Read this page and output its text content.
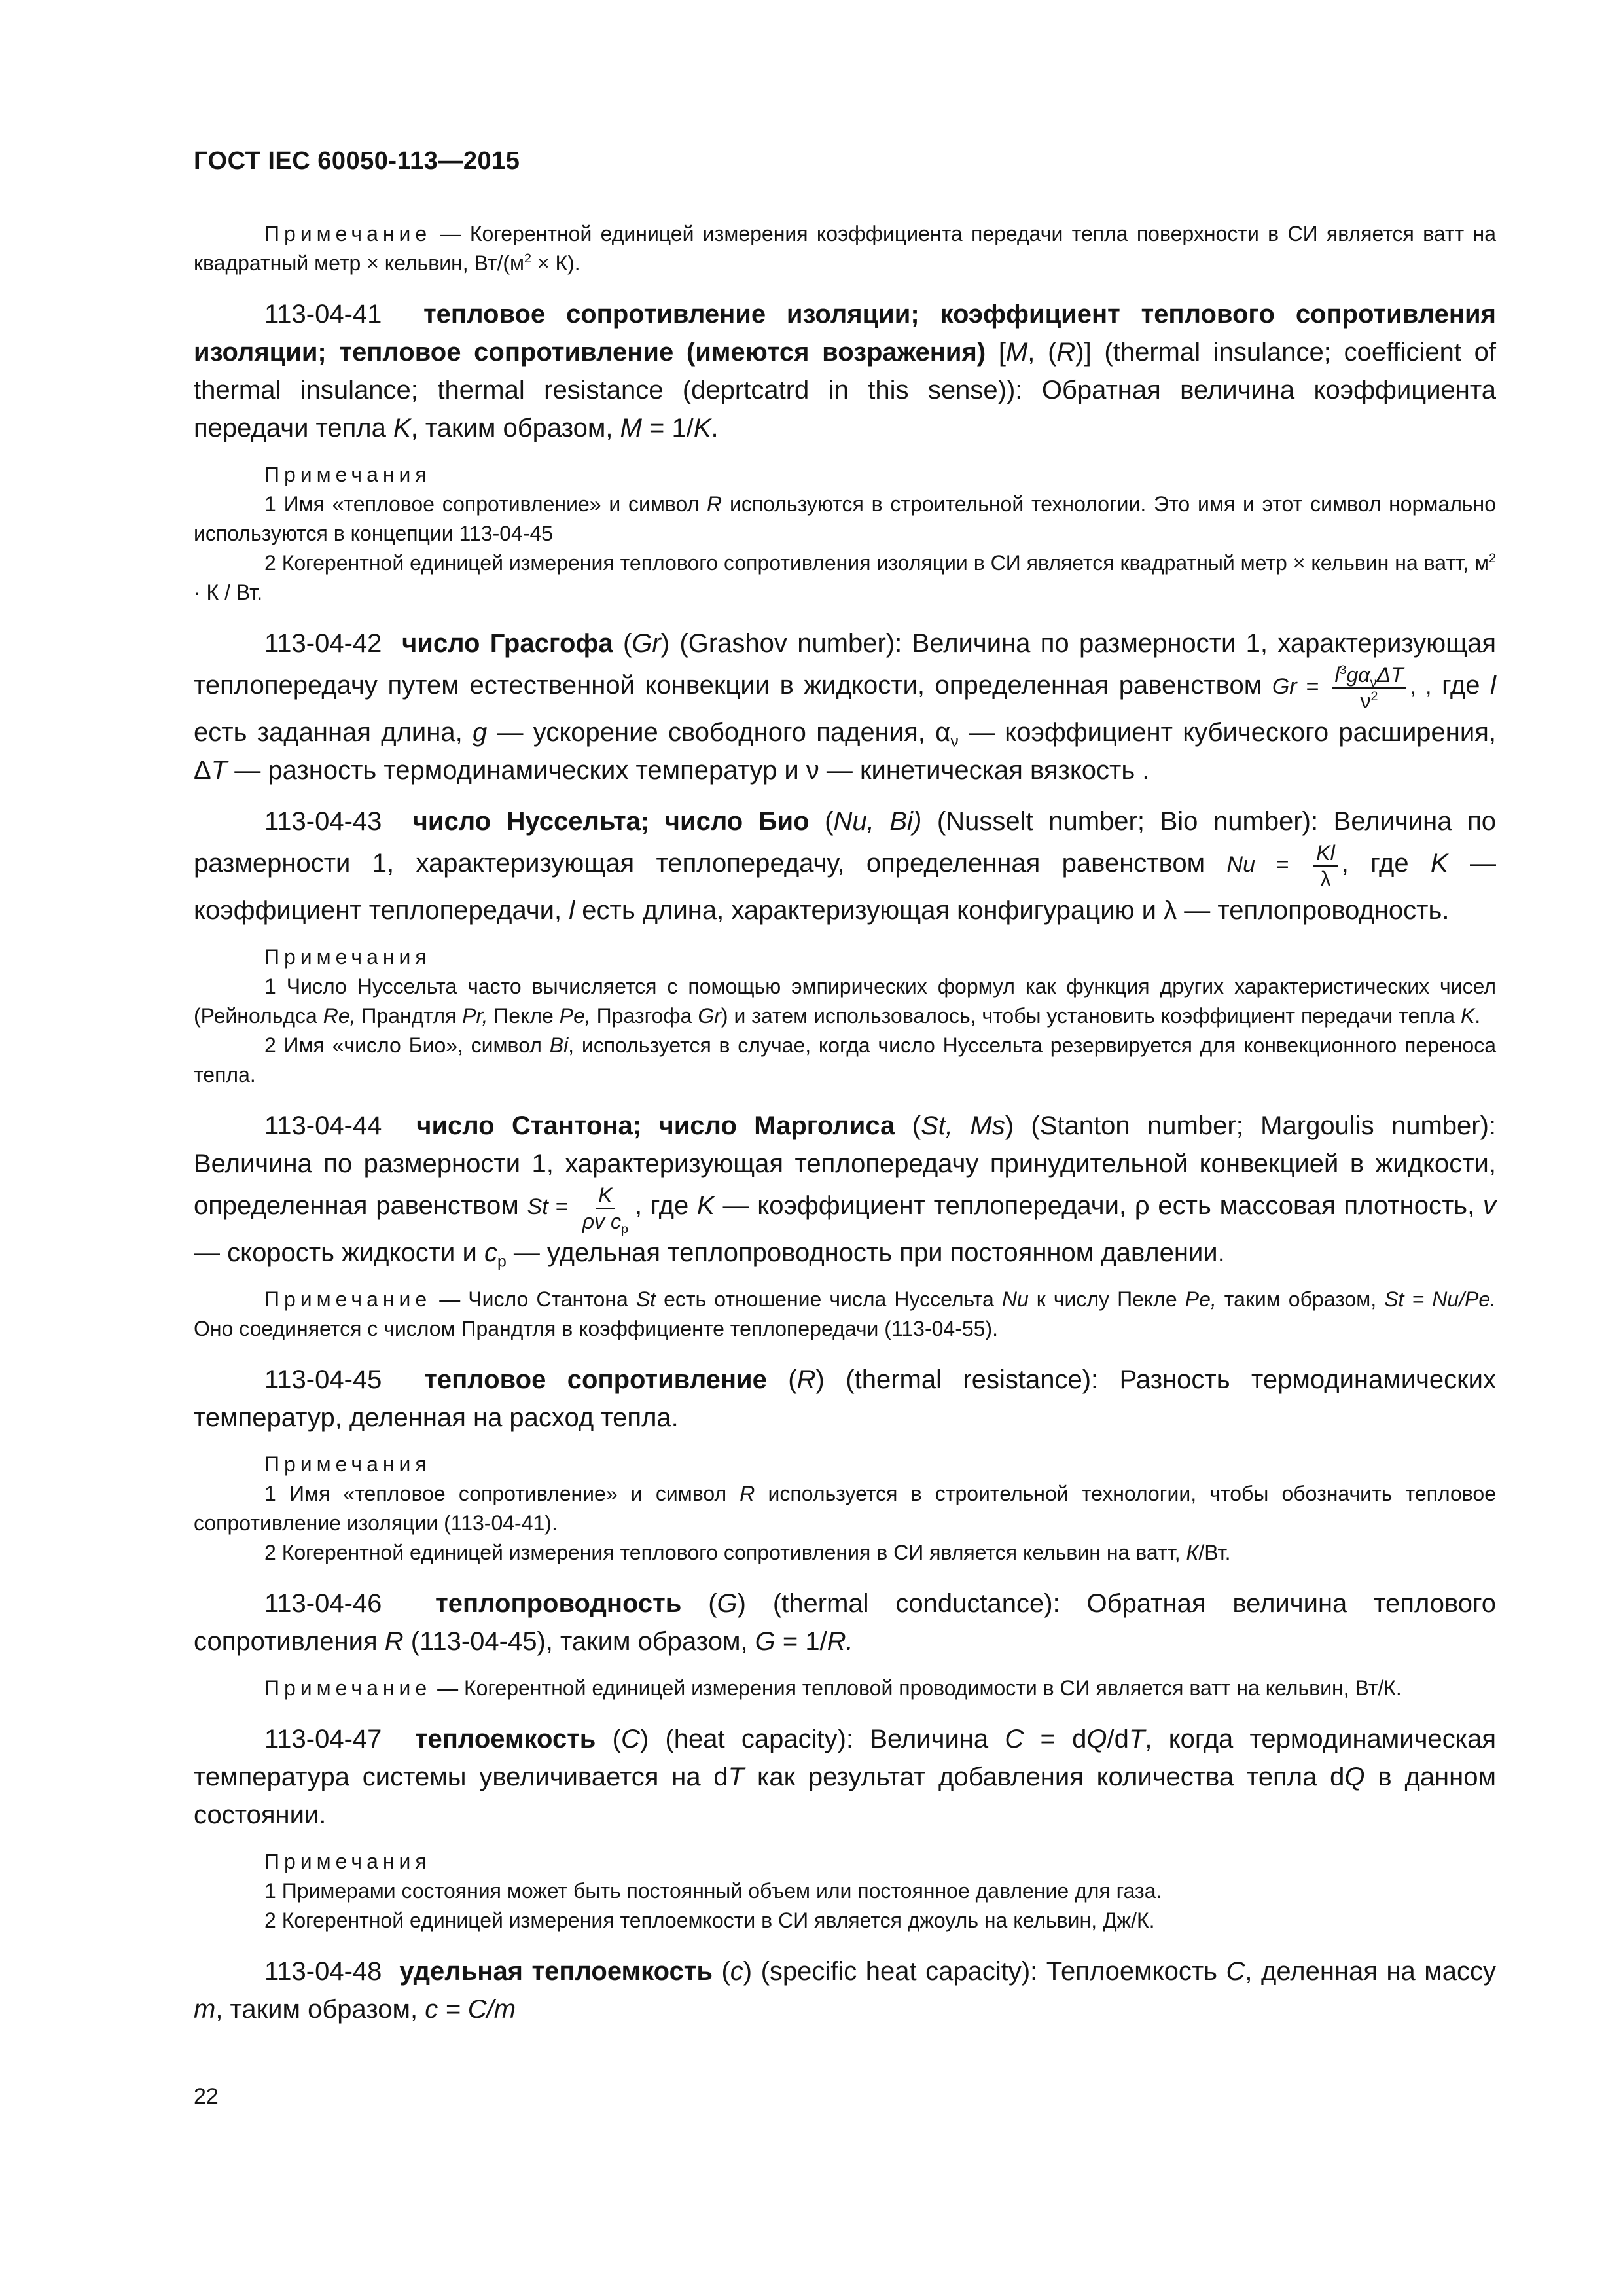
ГОСТ IEC 60050-113—2015

Примечание — Когерентной единицей измерения коэффициента передачи тепла поверхности в СИ является ватт на квадратный метр × кельвин, $Вт/(м^2 \times К)$.

113-04-41 тепловое сопротивление изоляции; коэффициент теплового сопротивления изоляции; тепловое сопротивление (имеются возражения) [M, (R)] (thermal insulance; coefficient of thermal insulance; thermal resistance (deprtcatrd in this sense)): Обратная величина коэффициента передачи тепла K, таким образом, M = 1/K.

Примечания

1 Имя «тепловое сопротивление» и символ R используются в строительной технологии. Это имя и этот символ нормально используются в концепции 113-04-45

2 Когерентной единицей измерения теплового сопротивления изоляции в СИ является квадратный метр × кельвин на ватт, $м^2 \cdot К$ / Вт.

113-04-42 число Грасгофа (Gr) (Grashov number): Величина по размерности 1, характеризующая теплопередачу путем естественной конвекции в жидкости, определенная равенством $Gr = \frac{l^3g\alpha_\nu\Delta T}{\nu^2}$ , , где l есть заданная длина, g — ускорение свободного падения, $\alpha_\nu$ — коэффициент кубического расширения, ΔT — разность термодинамических температур и ν — кинетическая вязкость .

113-04-43 число Нуссельта; число Био (Nu, Bi) (Nusselt number; Bio number): Величина по размерности 1, характеризующая теплопередачу, определенная равенством $Nu = \frac{Kl}{\lambda}$ , где K — коэффициент теплопередачи, l есть длина, характеризующая конфигурацию и λ — теплопроводность.

Примечания

1 Число Нуссельта часто вычисляется с помощью эмпирических формул как функция других характеристических чисел (Рейнольдса Re, Прандтля Pr, Пекле Pe, Празгофа Gr) и затем использовалось, чтобы установить коэффициент передачи тепла K.

2 Имя «число Био», символ Bi, используется в случае, когда число Нуссельта резервируется для конвекционного переноса тепла.

113-04-44 число Стантона; число Марголиса (St, Ms) (Stanton number; Margoulis number): Величина по размерности 1, характеризующая теплопередачу принудительной конвекцией в жидкости, определенная равенством $St = \frac{K}{\rho v c_p}$ , где K — коэффициент теплопередачи, ρ есть массовая плотность, v — скорость жидкости и $c_p$ — удельная теплопроводность при постоянном давлении.

Примечание — Число Стантона St есть отношение числа Нуссельта Nu к числу Пекле Pe, таким образом, St = Nu/Pe. Оно соединяется с числом Прандтля в коэффициенте теплопередачи (113-04-55).

113-04-45 тепловое сопротивление (R) (thermal resistance): Разность термодинамических температур, деленная на расход тепла.

Примечания

1 Имя «тепловое сопротивление» и символ R используется в строительной технологии, чтобы обозначить тепловое сопротивление изоляции (113-04-41).

2 Когерентной единицей измерения теплового сопротивления в СИ является кельвин на ватт, К/Вт.

113-04-46 теплопроводность (G) (thermal conductance): Обратная величина теплового сопротивления R (113-04-45), таким образом, G = 1/R.

Примечание — Когерентной единицей измерения тепловой проводимости в СИ является ватт на кельвин, Вт/К.

113-04-47 теплоемкость (C) (heat capacity): Величина C = dQ/dT, когда термодинамическая температура системы увеличивается на dT как результат добавления количества тепла dQ в данном состоянии.

Примечания

1 Примерами состояния может быть постоянный объем или постоянное давление для газа.

2 Когерентной единицей измерения теплоемкости в СИ является джоуль на кельвин, Дж/К.

113-04-48 удельная теплоемкость (c) (specific heat capacity): Теплоемкость C, деленная на массу m, таким образом, c = C/m

22
